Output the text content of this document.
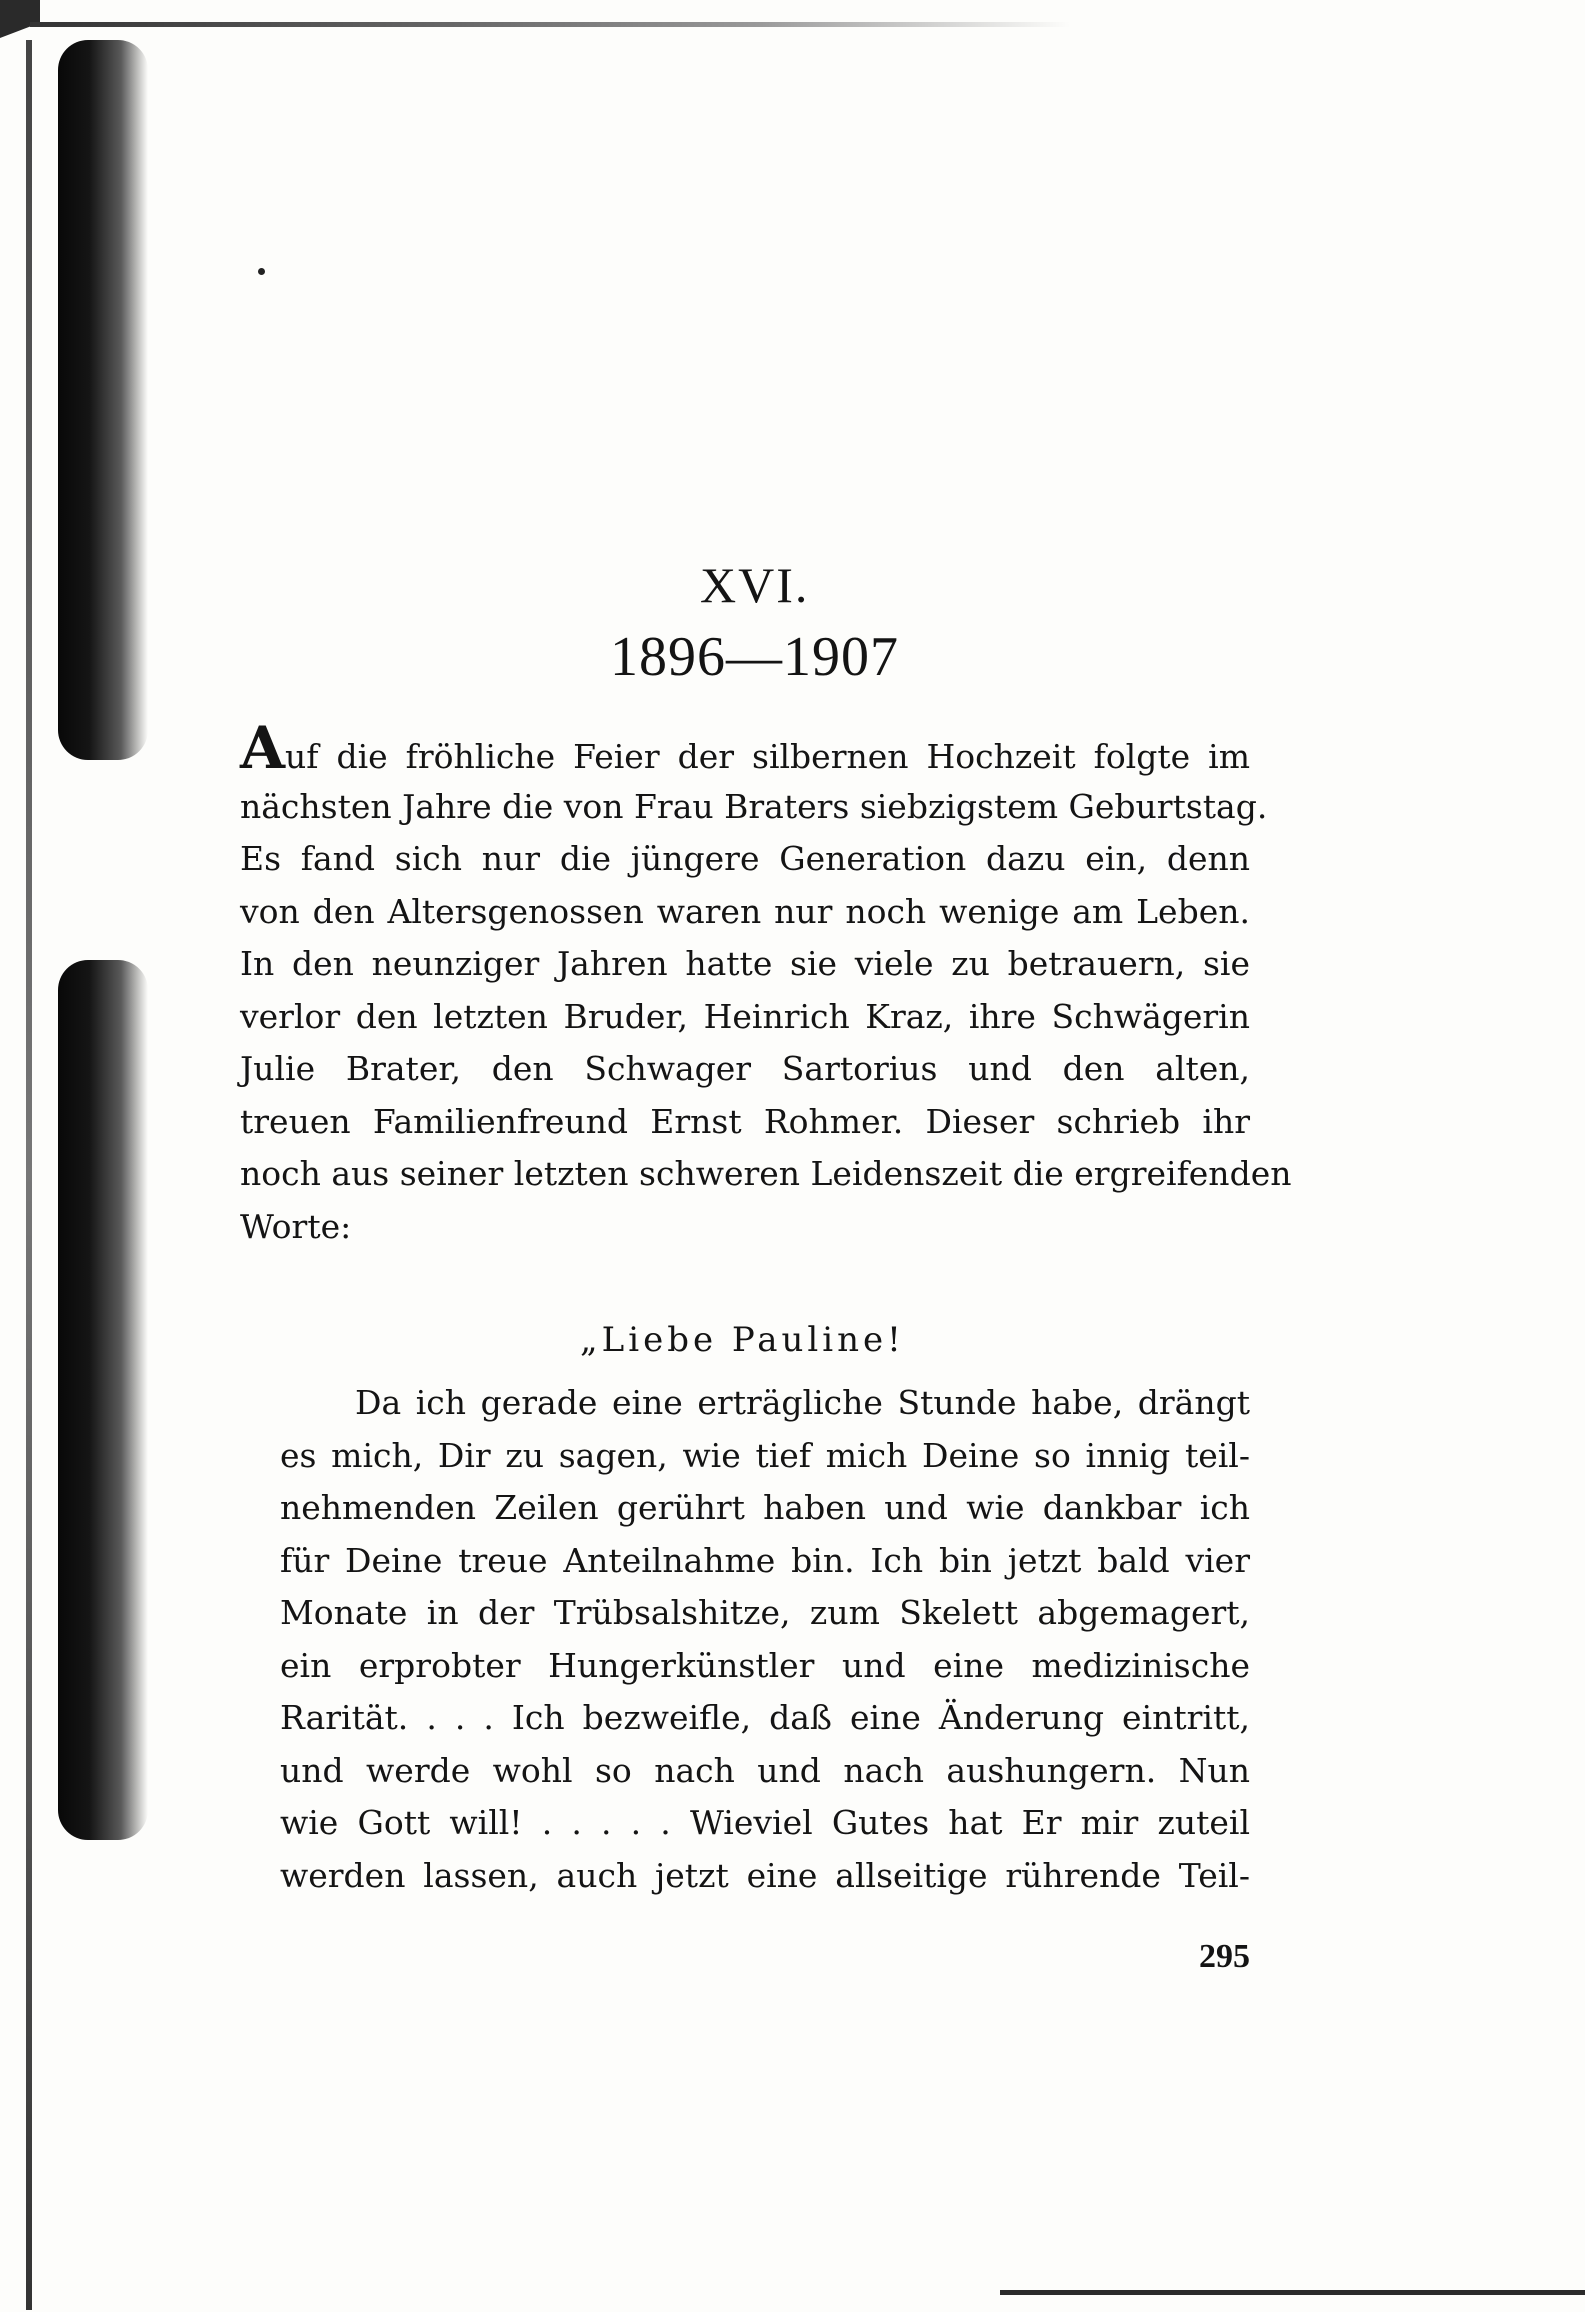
XVI.
1896—1907
Auf die fröhliche Feier der silbernen Hochzeit folgte im
nächsten Jahre die von Frau Braters siebzigstem Geburtstag.
Es fand sich nur die jüngere Generation dazu ein, denn
von den Altersgenossen waren nur noch wenige am Leben.
In den neunziger Jahren hatte sie viele zu betrauern, sie
verlor den letzten Bruder, Heinrich Kraz, ihre Schwägerin
Julie Brater, den Schwager Sartorius und den alten,
treuen Familienfreund Ernst Rohmer. Dieser schrieb ihr
noch aus seiner letzten schweren Leidenszeit die ergreifenden
Worte:
„Liebe Pauline!
Da ich gerade eine erträgliche Stunde habe, drängt
es mich, Dir zu sagen, wie tief mich Deine so innig teil-
nehmenden Zeilen gerührt haben und wie dankbar ich
für Deine treue Anteilnahme bin. Ich bin jetzt bald vier
Monate in der Trübsalshitze, zum Skelett abgemagert,
ein erprobter Hungerkünstler und eine medizinische
Rarität. . . . Ich bezweifle, daß eine Änderung eintritt,
und werde wohl so nach und nach aushungern. Nun
wie Gott will! . . . . . Wieviel Gutes hat Er mir zuteil
werden lassen, auch jetzt eine allseitige rührende Teil-
295
